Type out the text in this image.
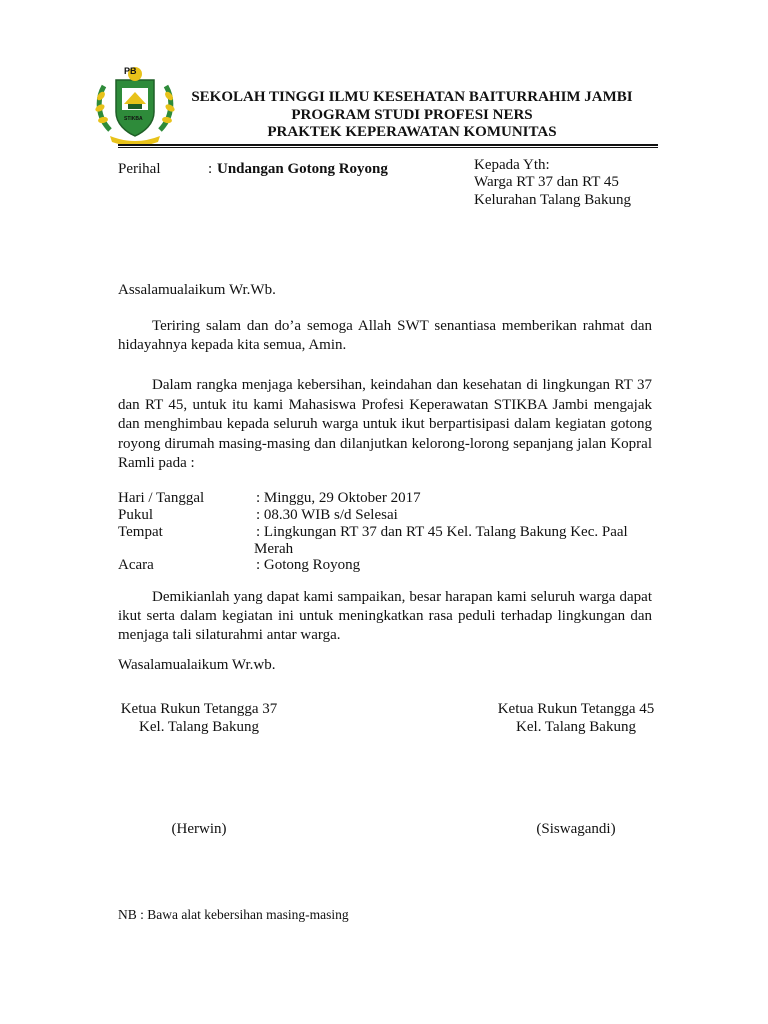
PB
STIKBA
SEKOLAH TINGGI ILMU KESEHATAN BAITURRAHIM JAMBI
PROGRAM STUDI PROFESI NERS
PRAKTEK KEPERAWATAN KOMUNITAS
Perihal	: Undangan Gotong Royong	Kepada Yth:
Warga RT 37 dan RT 45
Kelurahan Talang Bakung
Assalamualaikum Wr.Wb.
Teriring salam dan do’a semoga Allah SWT senantiasa memberikan rahmat dan hidayahnya kepada kita semua, Amin.
Dalam rangka menjaga kebersihan, keindahan dan kesehatan di lingkungan RT 37 dan RT 45, untuk itu kami Mahasiswa Profesi Keperawatan STIKBA Jambi mengajak dan menghimbau kepada seluruh warga untuk ikut berpartisipasi dalam kegiatan gotong royong dirumah masing-masing dan dilanjutkan kelorong-lorong sepanjang jalan Kopral Ramli pada :
Hari / Tanggal	: Minggu, 29 Oktober 2017
Pukul	: 08.30 WIB s/d Selesai
Tempat	: Lingkungan RT 37 dan RT 45 Kel. Talang Bakung Kec. Paal
Merah
Acara	: Gotong Royong
Demikianlah yang dapat kami sampaikan, besar harapan kami seluruh warga dapat ikut serta dalam kegiatan ini untuk meningkatkan rasa peduli terhadap lingkungan dan menjaga tali silaturahmi antar warga.
Wasalamualaikum Wr.wb.
Ketua Rukun Tetangga 37
Kel. Talang Bakung
(Herwin)
Ketua Rukun Tetangga 45
Kel. Talang Bakung
(Siswagandi)
NB : Bawa alat kebersihan masing-masing
